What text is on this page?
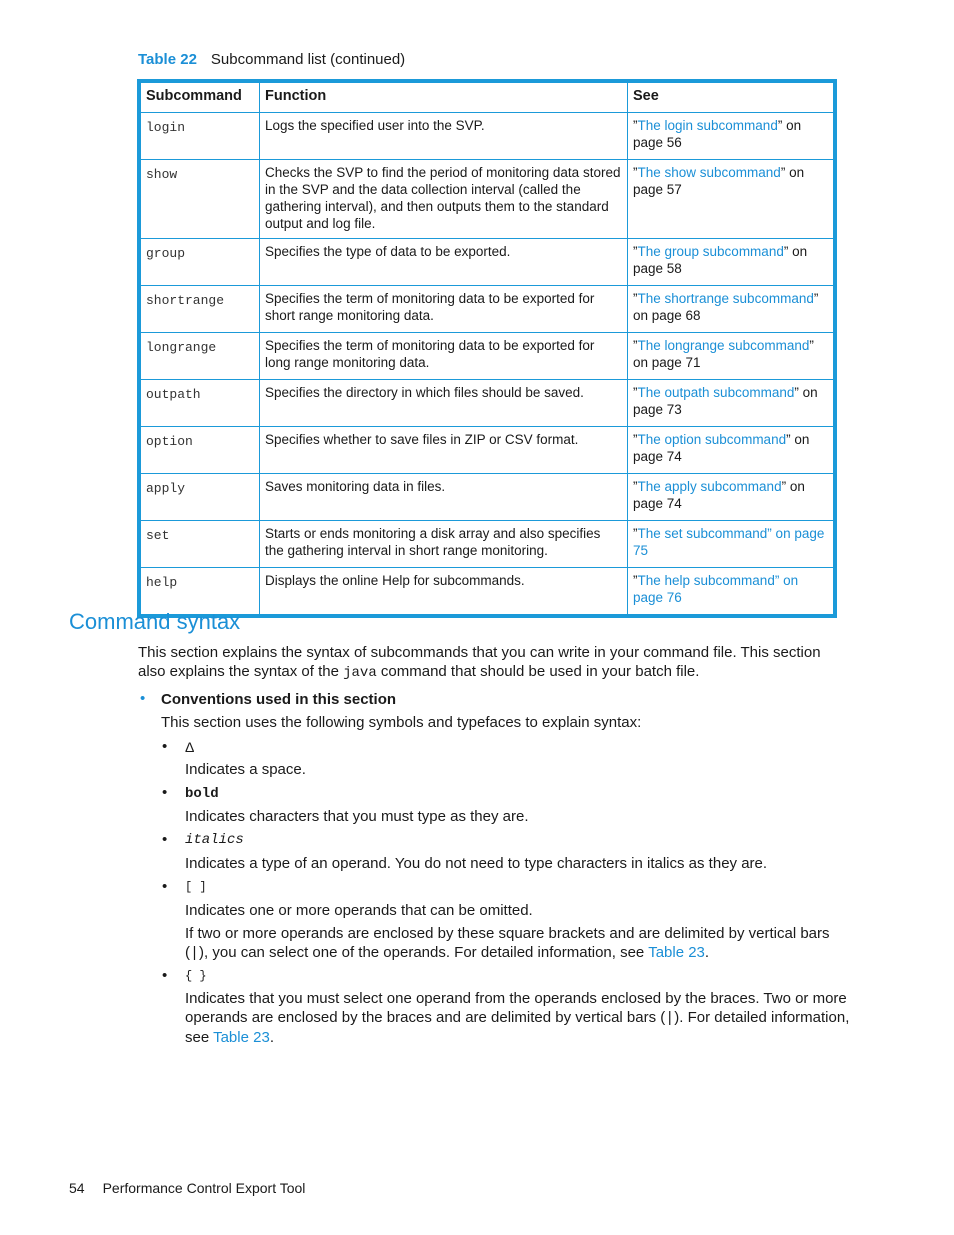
Table 22 Subcommand list (continued)
Subcommand	Function	See
login	Logs the specified user into the SVP.	”The login subcommand” on page 56
show	Checks the SVP to find the period of monitoring data stored in the SVP and the data collection interval (called the gathering interval), and then outputs them to the standard output and log file.	”The show subcommand” on page 57
group	Specifies the type of data to be exported.	”The group subcommand” on page 58
shortrange	Specifies the term of monitoring data to be exported for short range monitoring data.	”The shortrange subcommand” on page 68
longrange	Specifies the term of monitoring data to be exported for long range monitoring data.	”The longrange subcommand” on page 71
outpath	Specifies the directory in which files should be saved.	”The outpath subcommand” on page 73
option	Specifies whether to save files in ZIP or CSV format.	”The option subcommand” on page 74
apply	Saves monitoring data in files.	”The apply subcommand” on page 74
set	Starts or ends monitoring a disk array and also specifies the gathering interval in short range monitoring.	”The set subcommand” on page 75
help	Displays the online Help for subcommands.	”The help subcommand” on page 76
Command syntax
This section explains the syntax of subcommands that you can write in your command file. This section also explains the syntax of the java command that should be used in your batch file.
• Conventions used in this section
This section uses the following symbols and typefaces to explain syntax:
• Δ
Indicates a space.
• bold
Indicates characters that you must type as they are.
• italics
Indicates a type of an operand. You do not need to type characters in italics as they are.
• [ ]
Indicates one or more operands that can be omitted.
If two or more operands are enclosed by these square brackets and are delimited by vertical bars (|), you can select one of the operands. For detailed information, see Table 23.
• { }
Indicates that you must select one operand from the operands enclosed by the braces. Two or more operands are enclosed by the braces and are delimited by vertical bars (|). For detailed information, see Table 23.
54 Performance Control Export Tool
